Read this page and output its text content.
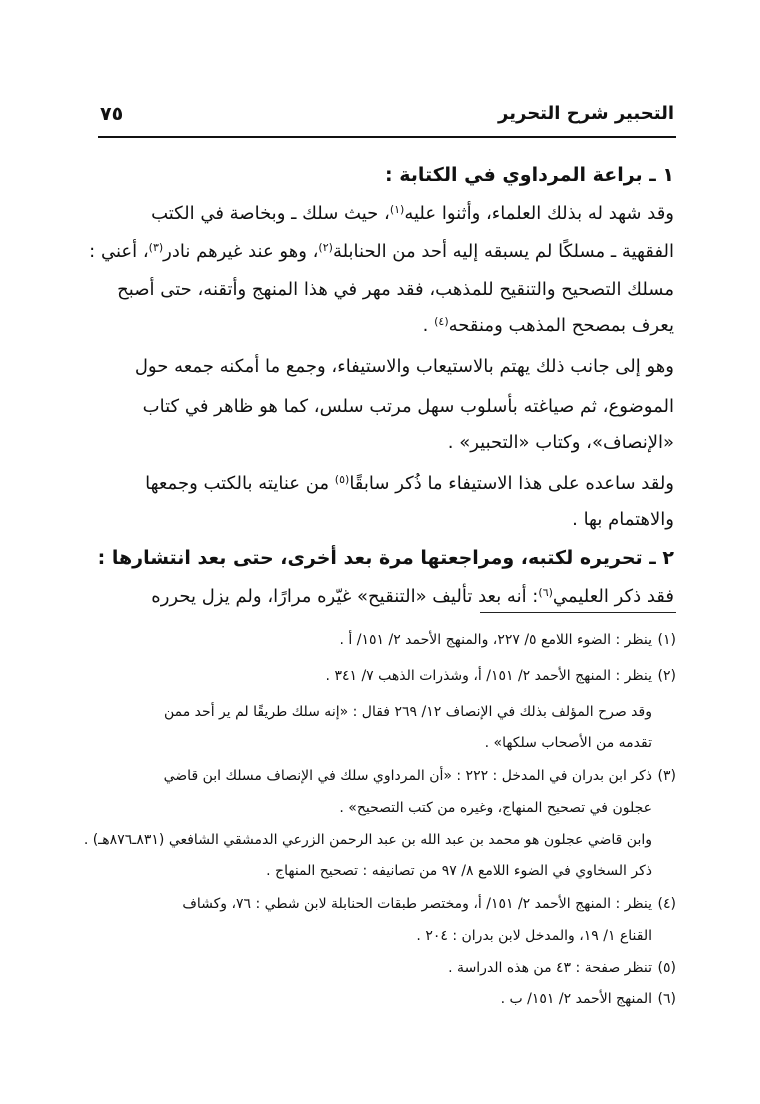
التحبير شرح التحرير
٧٥
١ ـ براعة المرداوي في الكتابة :
وقد شهد له بذلك العلماء، وأثنوا عليه$^{(١)}$، حيث سلك ـ وبخاصة في الكتب
الفقهية ـ مسلكًا لم يسبقه إليه أحد من الحنابلة$^{(٢)}$، وهو عند غيرهم نادر$^{(٣)}$، أعني :
مسلك التصحيح والتنقيح للمذهب، فقد مهر في هذا المنهج وأتقنه، حتى أصبح
يعرف بمصحح المذهب ومنقحه$^{(٤)}$ .
وهو إلى جانب ذلك يهتم بالاستيعاب والاستيفاء، وجمع ما أمكنه جمعه حول
الموضوع، ثم صياغته بأسلوب سهل مرتب سلس، كما هو ظاهر في كتاب
«الإنصاف»، وكتاب «التحبير» .
ولقد ساعده على هذا الاستيفاء ما ذُكر سابقًا$^{(٥)}$ من عنايته بالكتب وجمعها
والاهتمام بها .
٢ ـ تحريره لكتبه، ومراجعتها مرة بعد أخرى، حتى بعد انتشارها :
فقد ذكر العليمي$^{(٦)}$: أنه بعد تأليف «التنقيح» غيّره مرارًا، ولم يزل يحرره
(١)
ينظر : الضوء اللامع ٥/ ٢٢٧، والمنهج الأحمد ٢/ ١٥١/ أ .
(٢)
ينظر : المنهج الأحمد ٢/ ١٥١/ أ، وشذرات الذهب ٧/ ٣٤١ .
وقد صرح المؤلف بذلك في الإنصاف ١٢/ ٢٦٩ فقال : «إنه سلك طريقًا لم ير أحد ممن
تقدمه من الأصحاب سلكها» .
(٣)
ذكر ابن بدران في المدخل : ٢٢٢ : «أن المرداوي سلك في الإنصاف مسلك ابن قاضي
عجلون في تصحيح المنهاج، وغيره من كتب التصحيح» .
وابن قاضي عجلون هو محمد بن عبد الله بن عبد الرحمن الزرعي الدمشقي الشافعي (٨٣١ـ٨٧٦هـ) .
ذكر السخاوي في الضوء اللامع ٨/ ٩٧ من تصانيفه : تصحيح المنهاج .
(٤)
ينظر : المنهج الأحمد ٢/ ١٥١/ أ، ومختصر طبقات الحنابلة لابن شطي : ٧٦، وكشاف
القناع ١/ ١٩، والمدخل لابن بدران : ٢٠٤ .
(٥)
تنظر صفحة : ٤٣ من هذه الدراسة .
(٦)
المنهج الأحمد ٢/ ١٥١/ ب .
